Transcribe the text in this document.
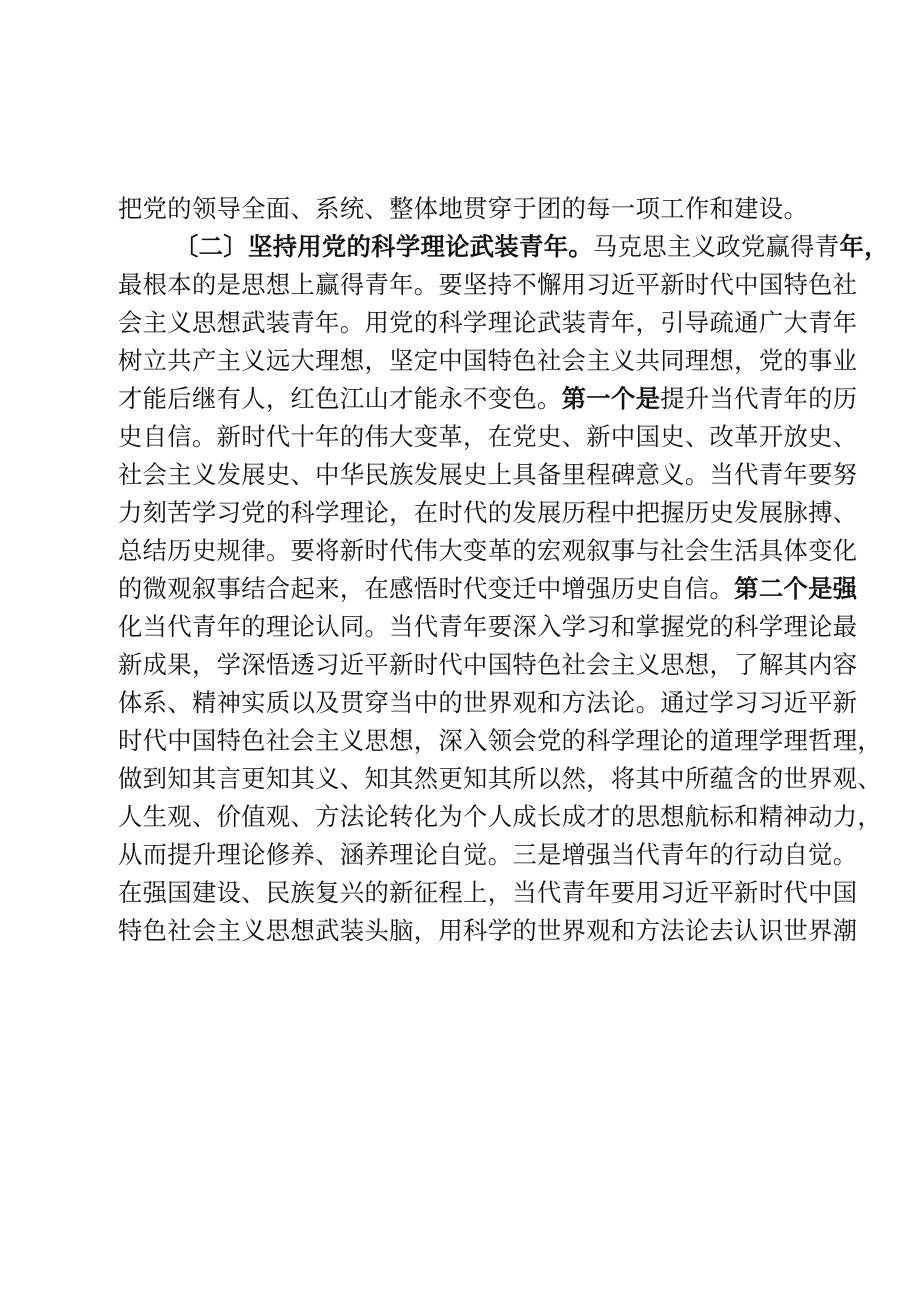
把党的领导全面、系统、整体地贯穿于团的每一项工作和建设。
〔二〕坚持用党的科学理论武装青年。马克思主义政党赢得青年，
最根本的是思想上赢得青年。要坚持不懈用习近平新时代中国特色社
会主义思想武装青年。用党的科学理论武装青年，引导疏通广大青年
树立共产主义远大理想，坚定中国特色社会主义共同理想，党的事业
才能后继有人，红色江山才能永不变色。第一个是提升当代青年的历
史自信。新时代十年的伟大变革，在党史、新中国史、改革开放史、
社会主义发展史、中华民族发展史上具备里程碑意义。当代青年要努
力刻苦学习党的科学理论，在时代的发展历程中把握历史发展脉搏、
总结历史规律。要将新时代伟大变革的宏观叙事与社会生活具体变化
的微观叙事结合起来，在感悟时代变迁中增强历史自信。第二个是强
化当代青年的理论认同。当代青年要深入学习和掌握党的科学理论最
新成果，学深悟透习近平新时代中国特色社会主义思想，了解其内容
体系、精神实质以及贯穿当中的世界观和方法论。通过学习习近平新
时代中国特色社会主义思想，深入领会党的科学理论的道理学理哲理，
做到知其言更知其义、知其然更知其所以然，将其中所蕴含的世界观、
人生观、价值观、方法论转化为个人成长成才的思想航标和精神动力，
从而提升理论修养、涵养理论自觉。三是增强当代青年的行动自觉。
在强国建设、民族复兴的新征程上，当代青年要用习近平新时代中国
特色社会主义思想武装头脑，用科学的世界观和方法论去认识世界潮
